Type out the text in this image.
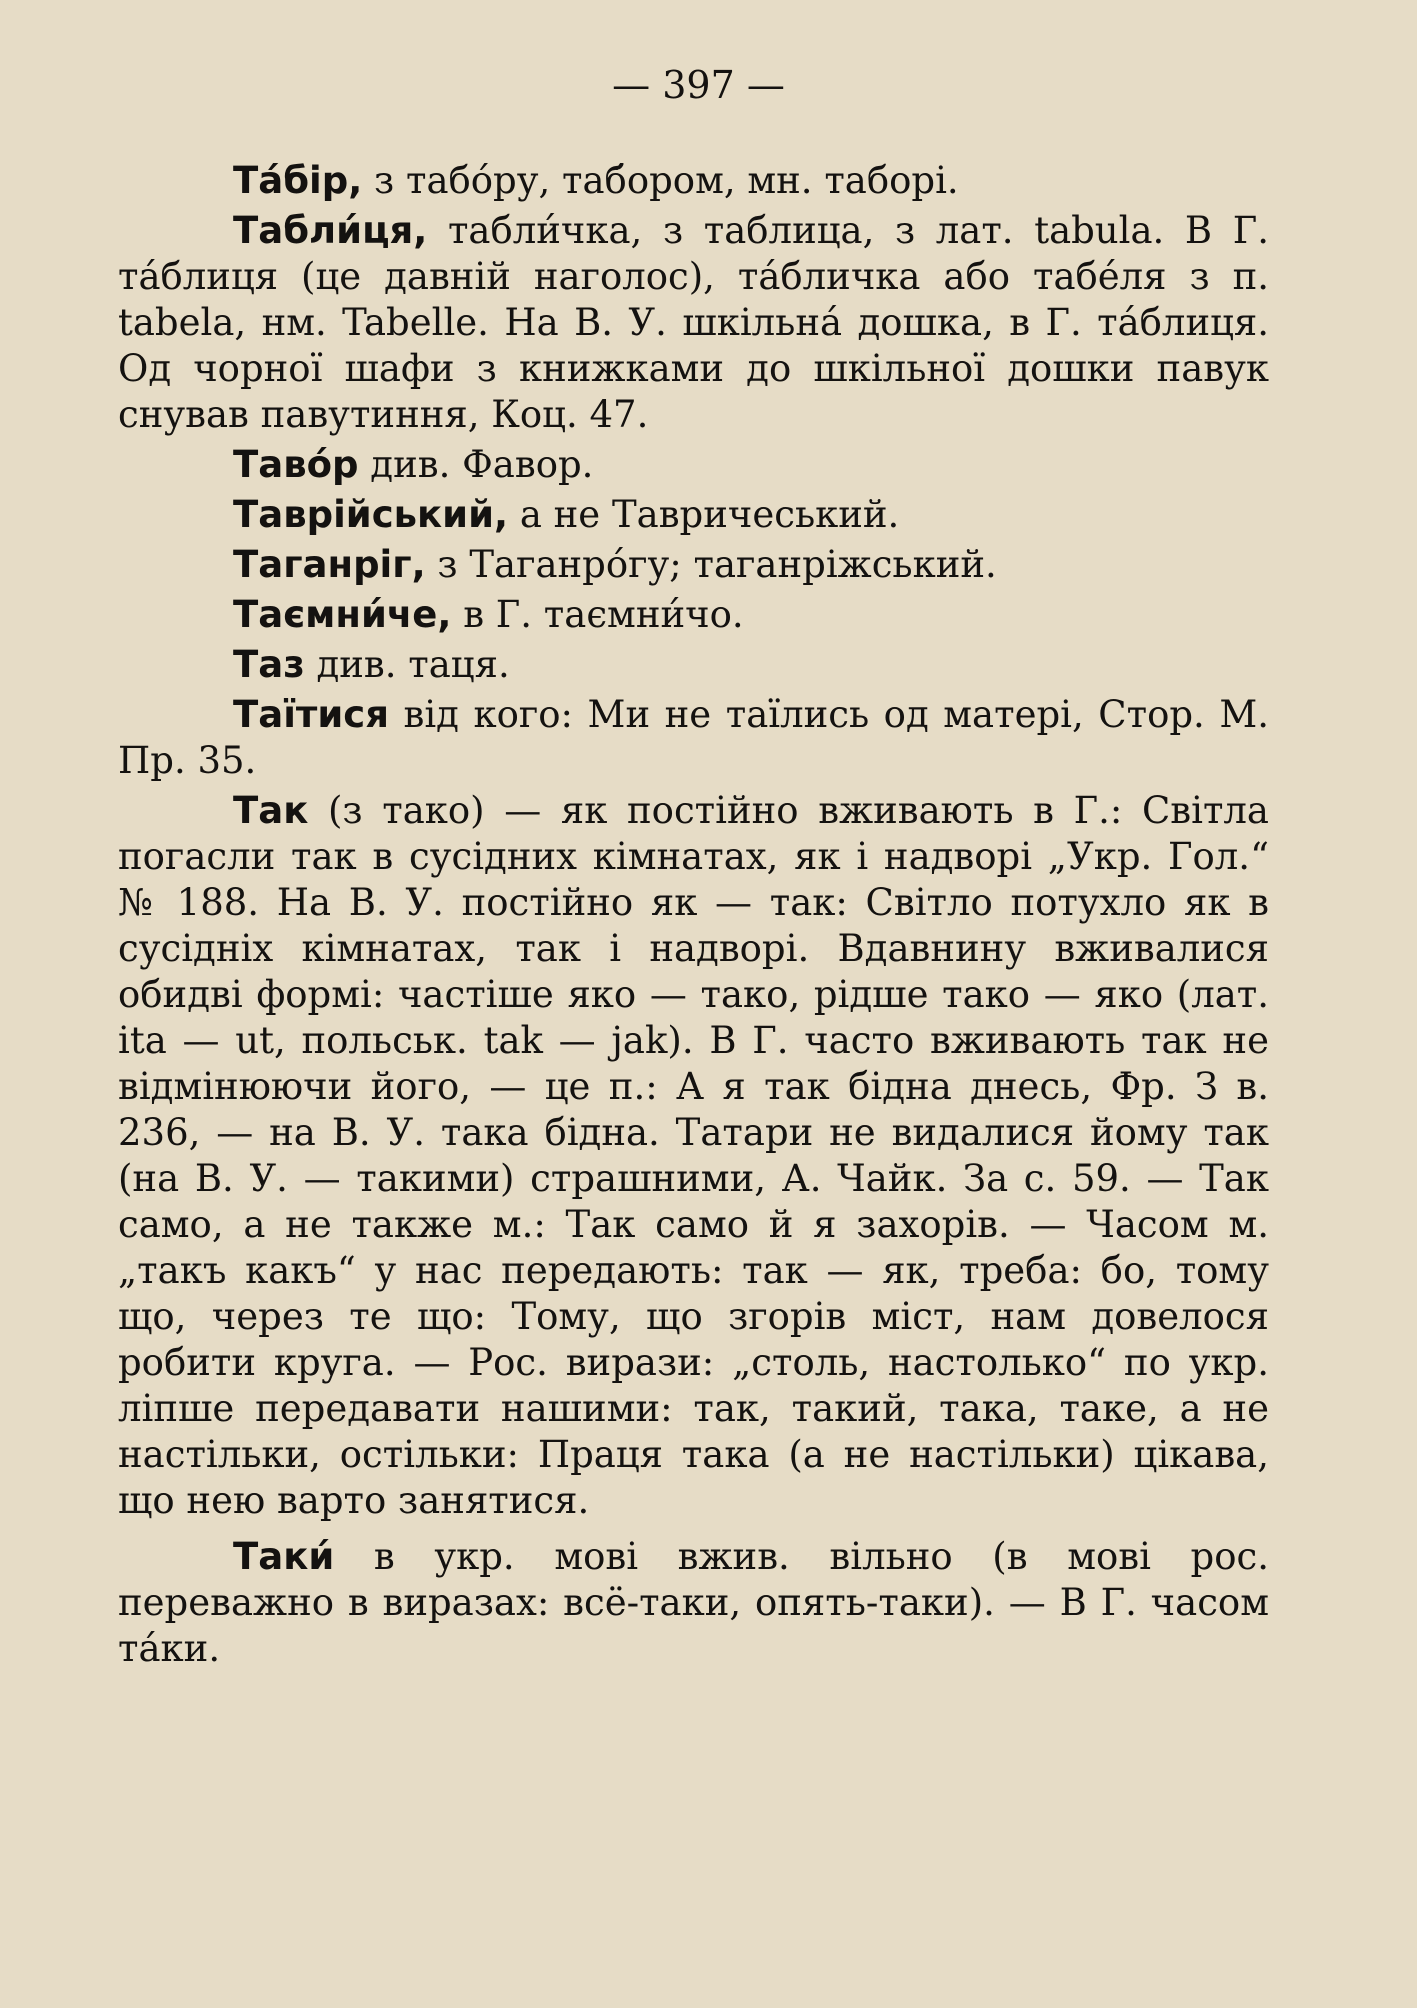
— 397 —

Та́бір, з табо́ру, таб́ором, мн. таборі.

Табли́ця, табли́чка, з таблица, з лат. tabula. В Г. та́блиця (це давній наголос), та́бличка або табе́ля з п. tabela, нм. Tabelle. На В. У. шкільна́ дошка, в Г. та́блиця. Од чорної шафи з книжками до шкільної дошки павук снував павутиння, Коц. 47.

Таво́р див. Фавор.

Таврійський, а не Тавричеський.

Таганріг, з Таганро́гу; таганріжський.

Таємни́че, в Г. таємни́чо.

Таз див. таця.

Таїтися від кого: Ми не таїлись од матері, Стор. М. Пр. 35.

Так (з тако) — як постійно вживають в Г.: Світла погасли так в сусідних кімнатах, як і надворі „Укр. Гол.“ № 188. На В. У. постійно як — так: Світло потухло як в сусідніх кімнатах, так і надворі. Вдавнину вживалися обидві формі: частіше яко — тако, рідше тако — яко (лат. ita — ut, польськ. tak — jak). В Г. часто вживають так не відмінюючи його, — це п.: А я так бідна днесь, Фр. З в. 236, — на В. У. така бідна. Татари не видалися йому так (на В. У. — такими) страшними, А. Чайк. За с. 59. — Так само, а не также м.: Так само й я захорів. — Часом м. „такъ какъ“ у нас передають: так — як, треба: бо, тому що, через те що: Тому, що згорів міст, нам довелося робити круга. — Рос. вирази: „столь, настолько“ по укр. ліпше передавати нашими: так, такий, така, таке, а не настільки, остільки: Праця така (а не настільки) цікава, що нею варто занятися.

Таки́ в укр. мові вжив. вільно (в мові рос. переважно в виразах: всё-таки, опять-таки). — В Г. часом та́ки.
